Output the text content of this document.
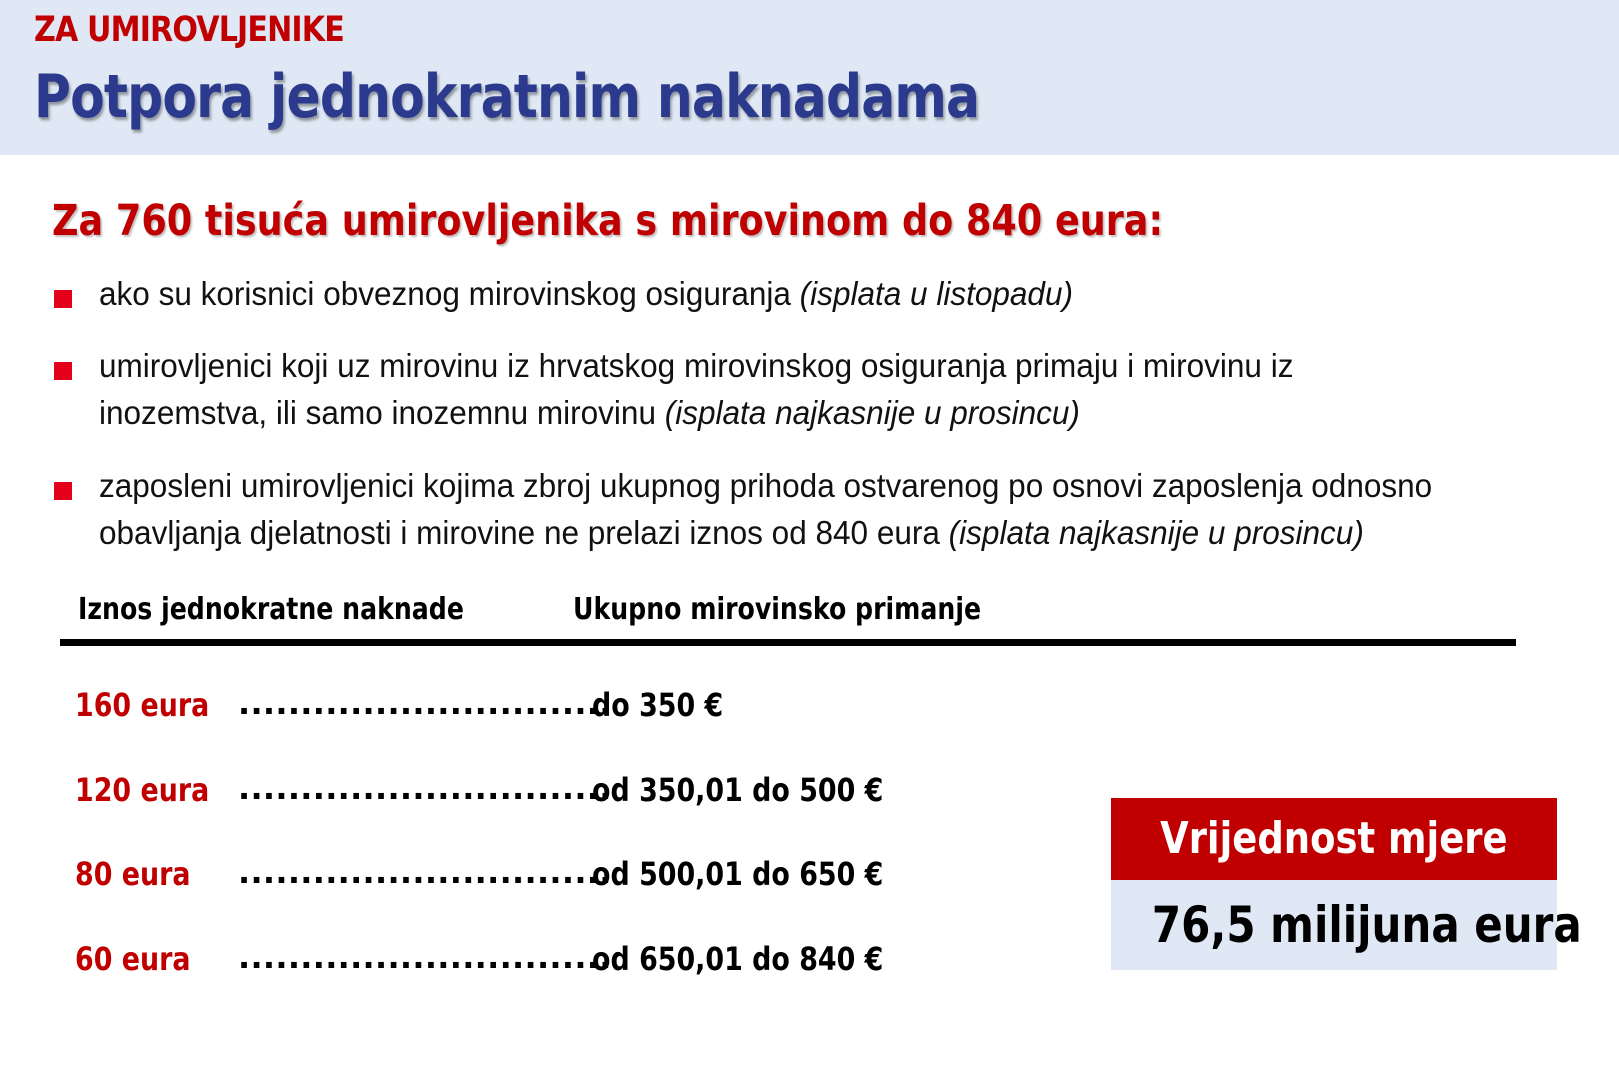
ZA UMIROVLJENIKE
Potpora jednokratnim naknadama
Za 760 tisuća umirovljenika s mirovinom do 840 eura:
ako su korisnici obveznog mirovinskog osiguranja (isplata u listopadu)
umirovljenici koji uz mirovinu iz hrvatskog mirovinskog osiguranja primaju i mirovinu iz
inozemstva, ili samo inozemnu mirovinu (isplata najkasnije u prosincu)
zaposleni umirovljenici kojima zbroj ukupnog prihoda ostvarenog po osnovi zaposlenja odnosno
obavljanja djelatnosti i mirovine ne prelazi iznos od 840 eura (isplata najkasnije u prosincu)
Iznos jednokratne naknade	Ukupno mirovinsko primanje
160 eura ..............................
do 350 €
120 eura ..............................
od 350,01 do 500 €
80 eura ..............................
od 500,01 do 650 €
60 eura ..............................
od 650,01 do 840 €
Vrijednost mjere
76,5 milijuna eura
